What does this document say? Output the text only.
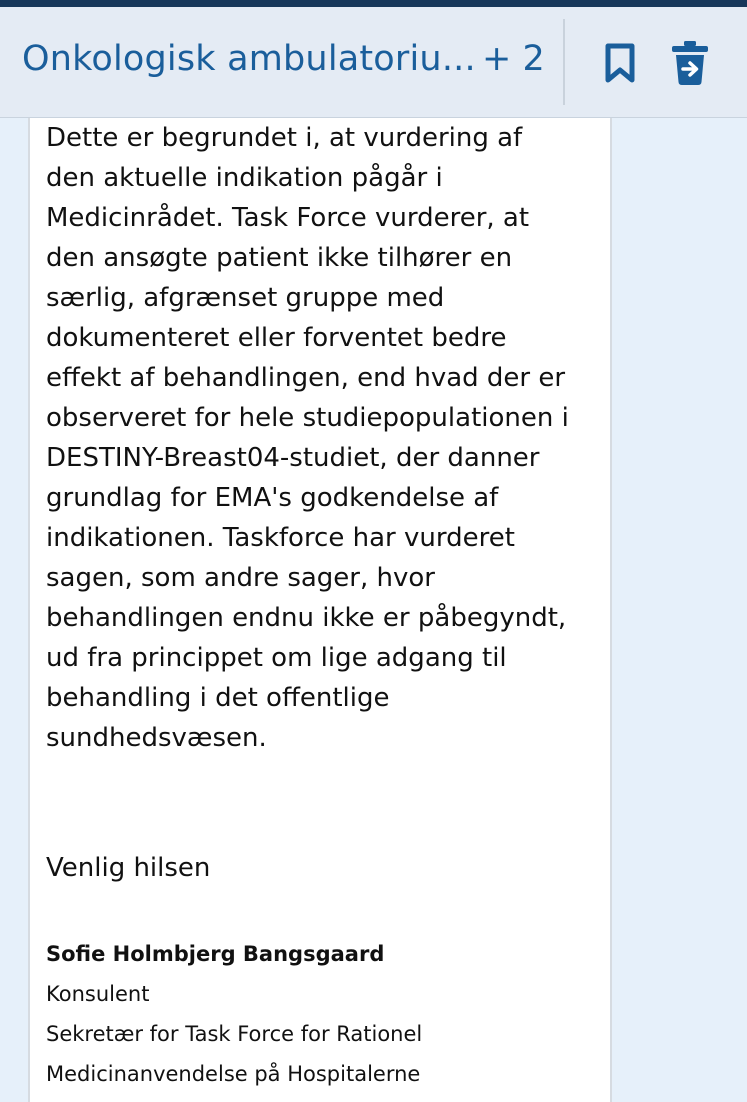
Onkologisk ambulatoriu... + 2

Dette er begrundet i, at vurdering af
den aktuelle indikation pågår i
Medicinrådet. Task Force vurderer, at
den ansøgte patient ikke tilhører en
særlig, afgrænset gruppe med
dokumenteret eller forventet bedre
effekt af behandlingen, end hvad der er
observeret for hele studiepopulationen i
DESTINY-Breast04-studiet, der danner
grundlag for EMA's godkendelse af
indikationen. Taskforce har vurderet
sagen, som andre sager, hvor
behandlingen endnu ikke er påbegyndt,
ud fra princippet om lige adgang til
behandling i det offentlige
sundhedsvæsen.

Venlig hilsen
Sofie Holmbjerg Bangsgaard
Konsulent
Sekretær for Task Force for Rationel
Medicinanvendelse på Hospitalerne
